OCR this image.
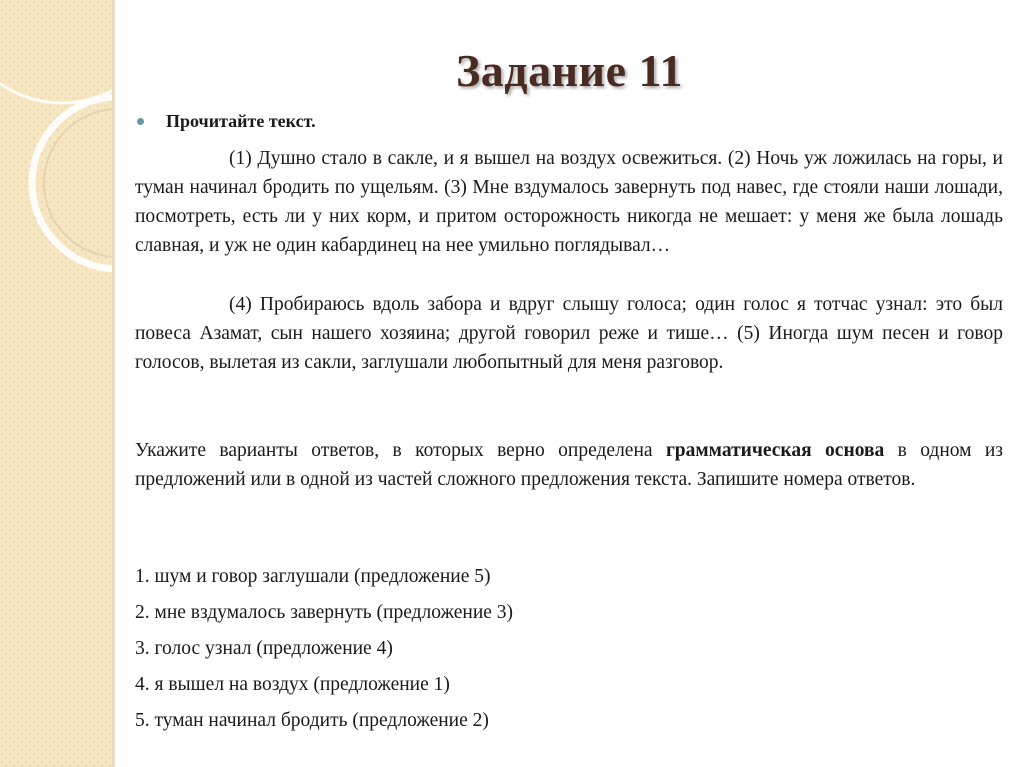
Задание 11
Прочитайте текст.
(1) Душно стало в сакле, и я вышел на воздух освежиться. (2) Ночь уж ложилась на горы, и туман начинал бродить по ущельям. (3) Мне вздумалось завернуть под навес, где стояли наши лошади, посмотреть, есть ли у них корм, и притом осторожность никогда не мешает: у меня же была лошадь славная, и уж не один кабардинец на нее умильно поглядывал…
(4) Пробираюсь вдоль забора и вдруг слышу голоса; один голос я тотчас узнал: это был повеса Азамат, сын нашего хозяина; другой говорил реже и тише… (5) Иногда шум песен и говор голосов, вылетая из сакли, заглушали любопытный для меня разговор.
Укажите варианты ответов, в которых верно определена грамматическая основа в одном из предложений или в одной из частей сложного предложения текста. Запишите номера ответов.
1. шум и говор заглушали (предложение 5)
2. мне вздумалось завернуть (предложение 3)
3. голос узнал (предложение 4)
4. я вышел на воздух (предложение 1)
5. туман начинал бродить (предложение 2)
